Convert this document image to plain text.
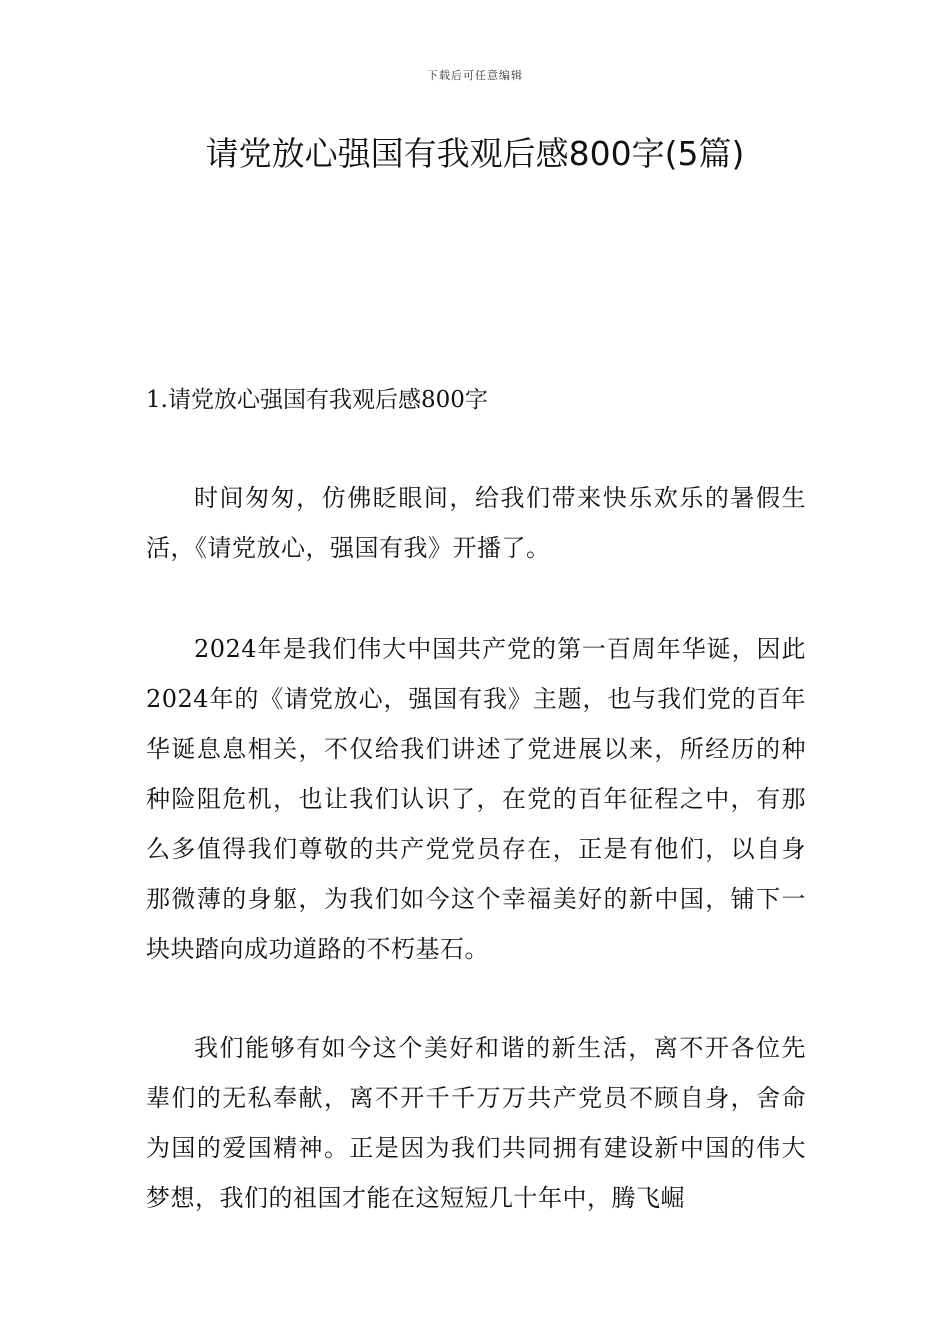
下载后可任意编辑
请党放心强国有我观后感800字(5篇)
1.请党放心强国有我观后感800字

时间匆匆，仿佛眨眼间，给我们带来快乐欢乐的暑假生活，《请党放心，强国有我》开播了。

2024年是我们伟大中国共产党的第一百周年华诞，因此2024年的《请党放心，强国有我》主题，也与我们党的百年华诞息息相关，不仅给我们讲述了党进展以来，所经历的种种险阻危机，也让我们认识了，在党的百年征程之中，有那么多值得我们尊敬的共产党党员存在，正是有他们，以自身那微薄的身躯，为我们如今这个幸福美好的新中国，铺下一块块踏向成功道路的不朽基石。

我们能够有如今这个美好和谐的新生活，离不开各位先辈们的无私奉献，离不开千千万万共产党员不顾自身，舍命为国的爱国精神。正是因为我们共同拥有建设新中国的伟大梦想，我们的祖国才能在这短短几十年中，腾飞崛
